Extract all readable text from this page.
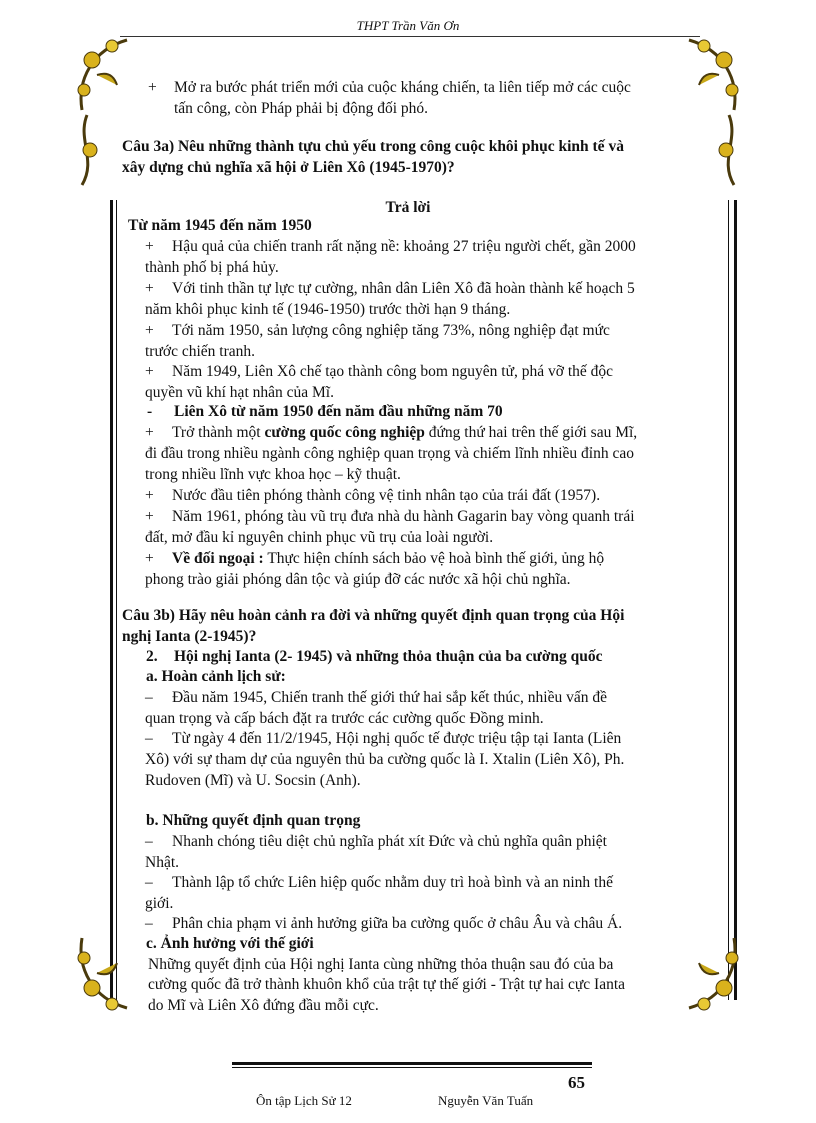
THPT Trần Văn Ơn
+ Mở ra bước phát triển mới của cuộc kháng chiến, ta liên tiếp mở các cuộc
tấn công, còn Pháp phải bị động đối phó.
Câu 3a) Nêu những thành tựu chủ yếu trong công cuộc khôi phục kinh tế và
xây dựng chủ nghĩa xã hội ở Liên Xô (1945-1970)?
Trả lời
Từ năm 1945 đến năm 1950
+ Hậu quả của chiến tranh rất nặng nề: khoảng 27 triệu người chết, gần 2000
thành phố bị phá hủy.
+ Với tinh thần tự lực tự cường, nhân dân Liên Xô đã hoàn thành kế hoạch 5
năm khôi phục kinh tế (1946-1950) trước thời hạn 9 tháng.
+ Tới năm 1950, sản lượng công nghiệp tăng 73%, nông nghiệp đạt mức
trước chiến tranh.
+ Năm 1949, Liên Xô chế tạo thành công bom nguyên tử, phá vỡ thế độc
quyền vũ khí hạt nhân của Mĩ.
- Liên Xô từ năm 1950 đến năm đầu những năm 70
+ Trở thành một cường quốc công nghiệp đứng thứ hai trên thế giới sau Mĩ,
đi đầu trong nhiều ngành công nghiệp quan trọng và chiếm lĩnh nhiều đỉnh cao
trong nhiều lĩnh vực khoa học – kỹ thuật.
+ Nước đầu tiên phóng thành công vệ tinh nhân tạo của trái đất (1957).
+ Năm 1961, phóng tàu vũ trụ đưa nhà du hành Gagarin bay vòng quanh trái
đất, mở đầu kỉ nguyên chinh phục vũ trụ của loài người.
+ Về đối ngoại : Thực hiện chính sách bảo vệ hoà bình thế giới, ủng hộ
phong trào giải phóng dân tộc và giúp đỡ các nước xã hội chủ nghĩa.
Câu 3b) Hãy nêu hoàn cảnh ra đời và những quyết định quan trọng của Hội
nghị Ianta (2-1945)?
2. Hội nghị Ianta (2- 1945) và những thỏa thuận của ba cường quốc
a. Hoàn cảnh lịch sử:
– Đầu năm 1945, Chiến tranh thế giới thứ hai sắp kết thúc, nhiều vấn đề
quan trọng và cấp bách đặt ra trước các cường quốc Đồng minh.
– Từ ngày 4 đến 11/2/1945, Hội nghị quốc tế được triệu tập tại Ianta (Liên
Xô) với sự tham dự của nguyên thủ ba cường quốc là I. Xtalin (Liên Xô), Ph.
Rudoven (Mĩ) và U. Socsin (Anh).
b. Những quyết định quan trọng
– Nhanh chóng tiêu diệt chủ nghĩa phát xít Đức và chủ nghĩa quân phiệt
Nhật.
– Thành lập tổ chức Liên hiệp quốc nhằm duy trì hoà bình và an ninh thế
giới.
– Phân chia phạm vi ảnh hưởng giữa ba cường quốc ở châu Âu và châu Á.
c. Ảnh hưởng với thế giới
Những quyết định của Hội nghị Ianta cùng những thỏa thuận sau đó của ba
cường quốc đã trở thành khuôn khổ của trật tự thế giới - Trật tự hai cực Ianta
do Mĩ và Liên Xô đứng đầu mỗi cực.
65
Ôn tập Lịch Sử 12	Nguyễn Văn Tuấn
